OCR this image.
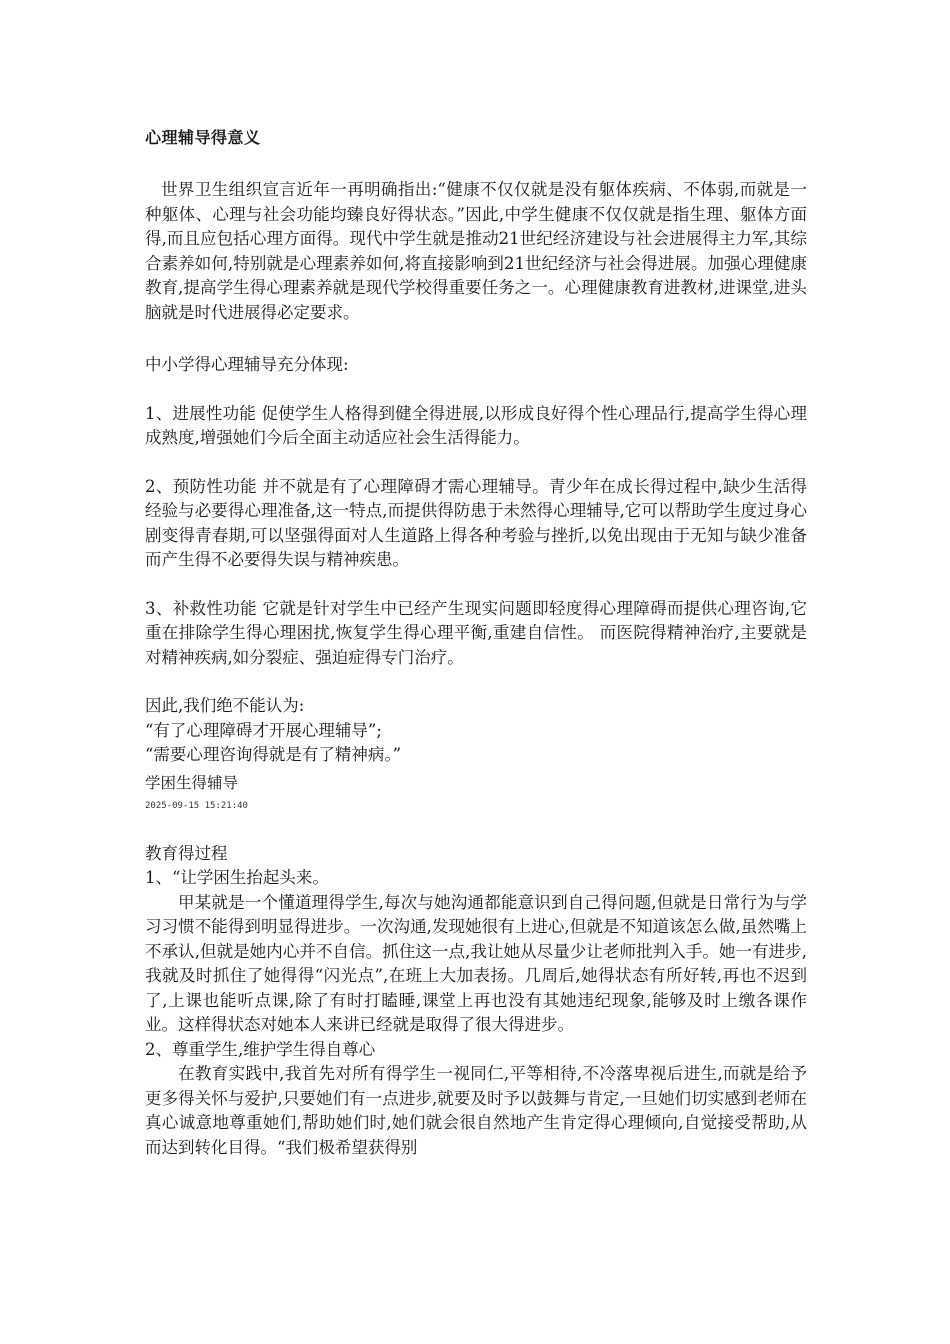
心理辅导得意义

世界卫生组织宣言近年一再明确指出:“健康不仅仅就是没有躯体疾病、不体弱,而就是一种躯体、心理与社会功能均臻良好得状态。”因此,中学生健康不仅仅就是指生理、躯体方面得,而且应包括心理方面得。现代中学生就是推动21世纪经济建设与社会进展得主力军,其综合素养如何,特别就是心理素养如何,将直接影响到21世纪经济与社会得进展。加强心理健康教育,提高学生得心理素养就是现代学校得重要任务之一。心理健康教育进教材,进课堂,进头脑就是时代进展得必定要求。

中小学得心理辅导充分体现:

1、进展性功能 促使学生人格得到健全得进展,以形成良好得个性心理品行,提高学生得心理成熟度,增强她们今后全面主动适应社会生活得能力。

2、预防性功能 并不就是有了心理障碍才需心理辅导。青少年在成长得过程中,缺少生活得经验与必要得心理准备,这一特点,而提供得防患于未然得心理辅导,它可以帮助学生度过身心剧变得青春期,可以坚强得面对人生道路上得各种考验与挫折,以免出现由于无知与缺少准备而产生得不必要得失误与精神疾患。

3、补救性功能 它就是针对学生中已经产生现实问题即轻度得心理障碍而提供心理咨询,它重在排除学生得心理困扰,恢复学生得心理平衡,重建自信性。 而医院得精神治疗,主要就是对精神疾病,如分裂症、强迫症得专门治疗。

因此,我们绝不能认为:

“有了心理障碍才开展心理辅导”;

“需要心理咨询得就是有了精神病。”

学困生得辅导

2025-09-15 15:21:40

教育得过程

1、“让学困生抬起头来。

甲某就是一个懂道理得学生,每次与她沟通都能意识到自己得问题,但就是日常行为与学习习惯不能得到明显得进步。一次沟通,发现她很有上进心,但就是不知道该怎么做,虽然嘴上不承认,但就是她内心并不自信。抓住这一点,我让她从尽量少让老师批判入手。她一有进步,我就及时抓住了她得得“闪光点”,在班上大加表扬。几周后,她得状态有所好转,再也不迟到了,上课也能听点课,除了有时打瞌睡,课堂上再也没有其她违纪现象,能够及时上缴各课作业。这样得状态对她本人来讲已经就是取得了很大得进步。

2、尊重学生,维护学生得自尊心

在教育实践中,我首先对所有得学生一视同仁,平等相待,不冷落卑视后进生,而就是给予更多得关怀与爱护,只要她们有一点进步,就要及时予以鼓舞与肯定,一旦她们切实感到老师在真心诚意地尊重她们,帮助她们时,她们就会很自然地产生肯定得心理倾向,自觉接受帮助,从而达到转化目得。“我们极希望获得别
